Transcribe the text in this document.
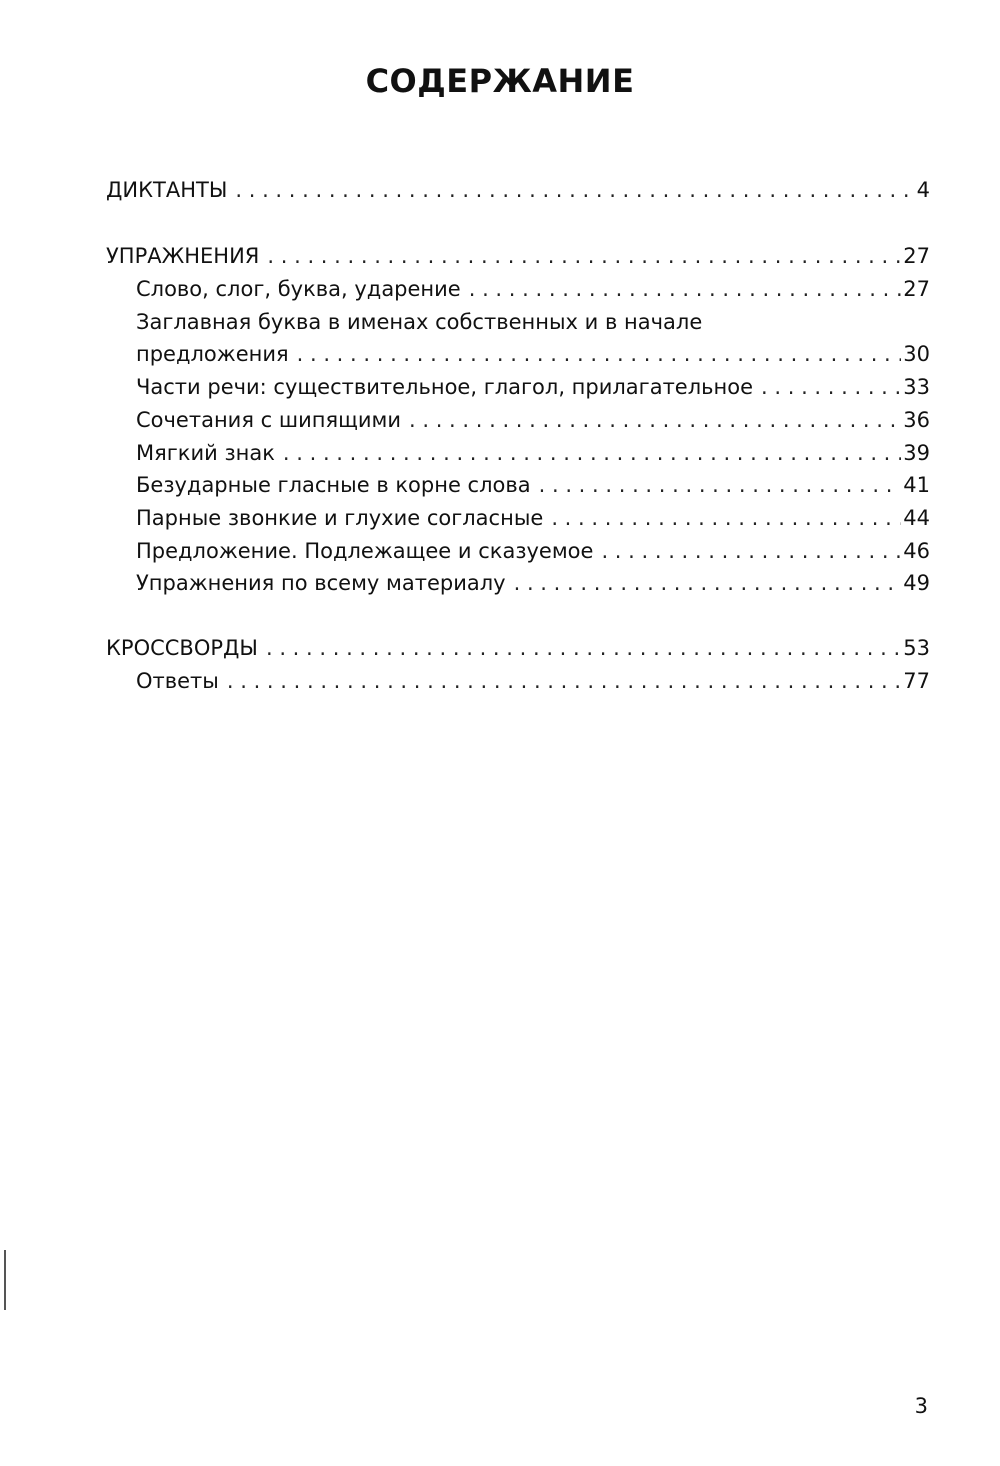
СОДЕРЖАНИЕ
ДИКТАНТЫ . . .	4
УПРАЖНЕНИЯ . . .	27
Слово, слог, буква, ударение . . .	27
Заглавная буква в именах собственных и в начале
предложения . . .	30
Части речи: существительное, глагол, прилагательное . . .	33
Сочетания с шипящими . . .	36
Мягкий знак . . .	39
Безударные гласные в корне слова . . .	41
Парные звонкие и глухие согласные . . .	44
Предложение. Подлежащее и сказуемое . . .	46
Упражнения по всему материалу . . .	49
КРОССВОРДЫ . . .	53
Ответы . . .	77
3
